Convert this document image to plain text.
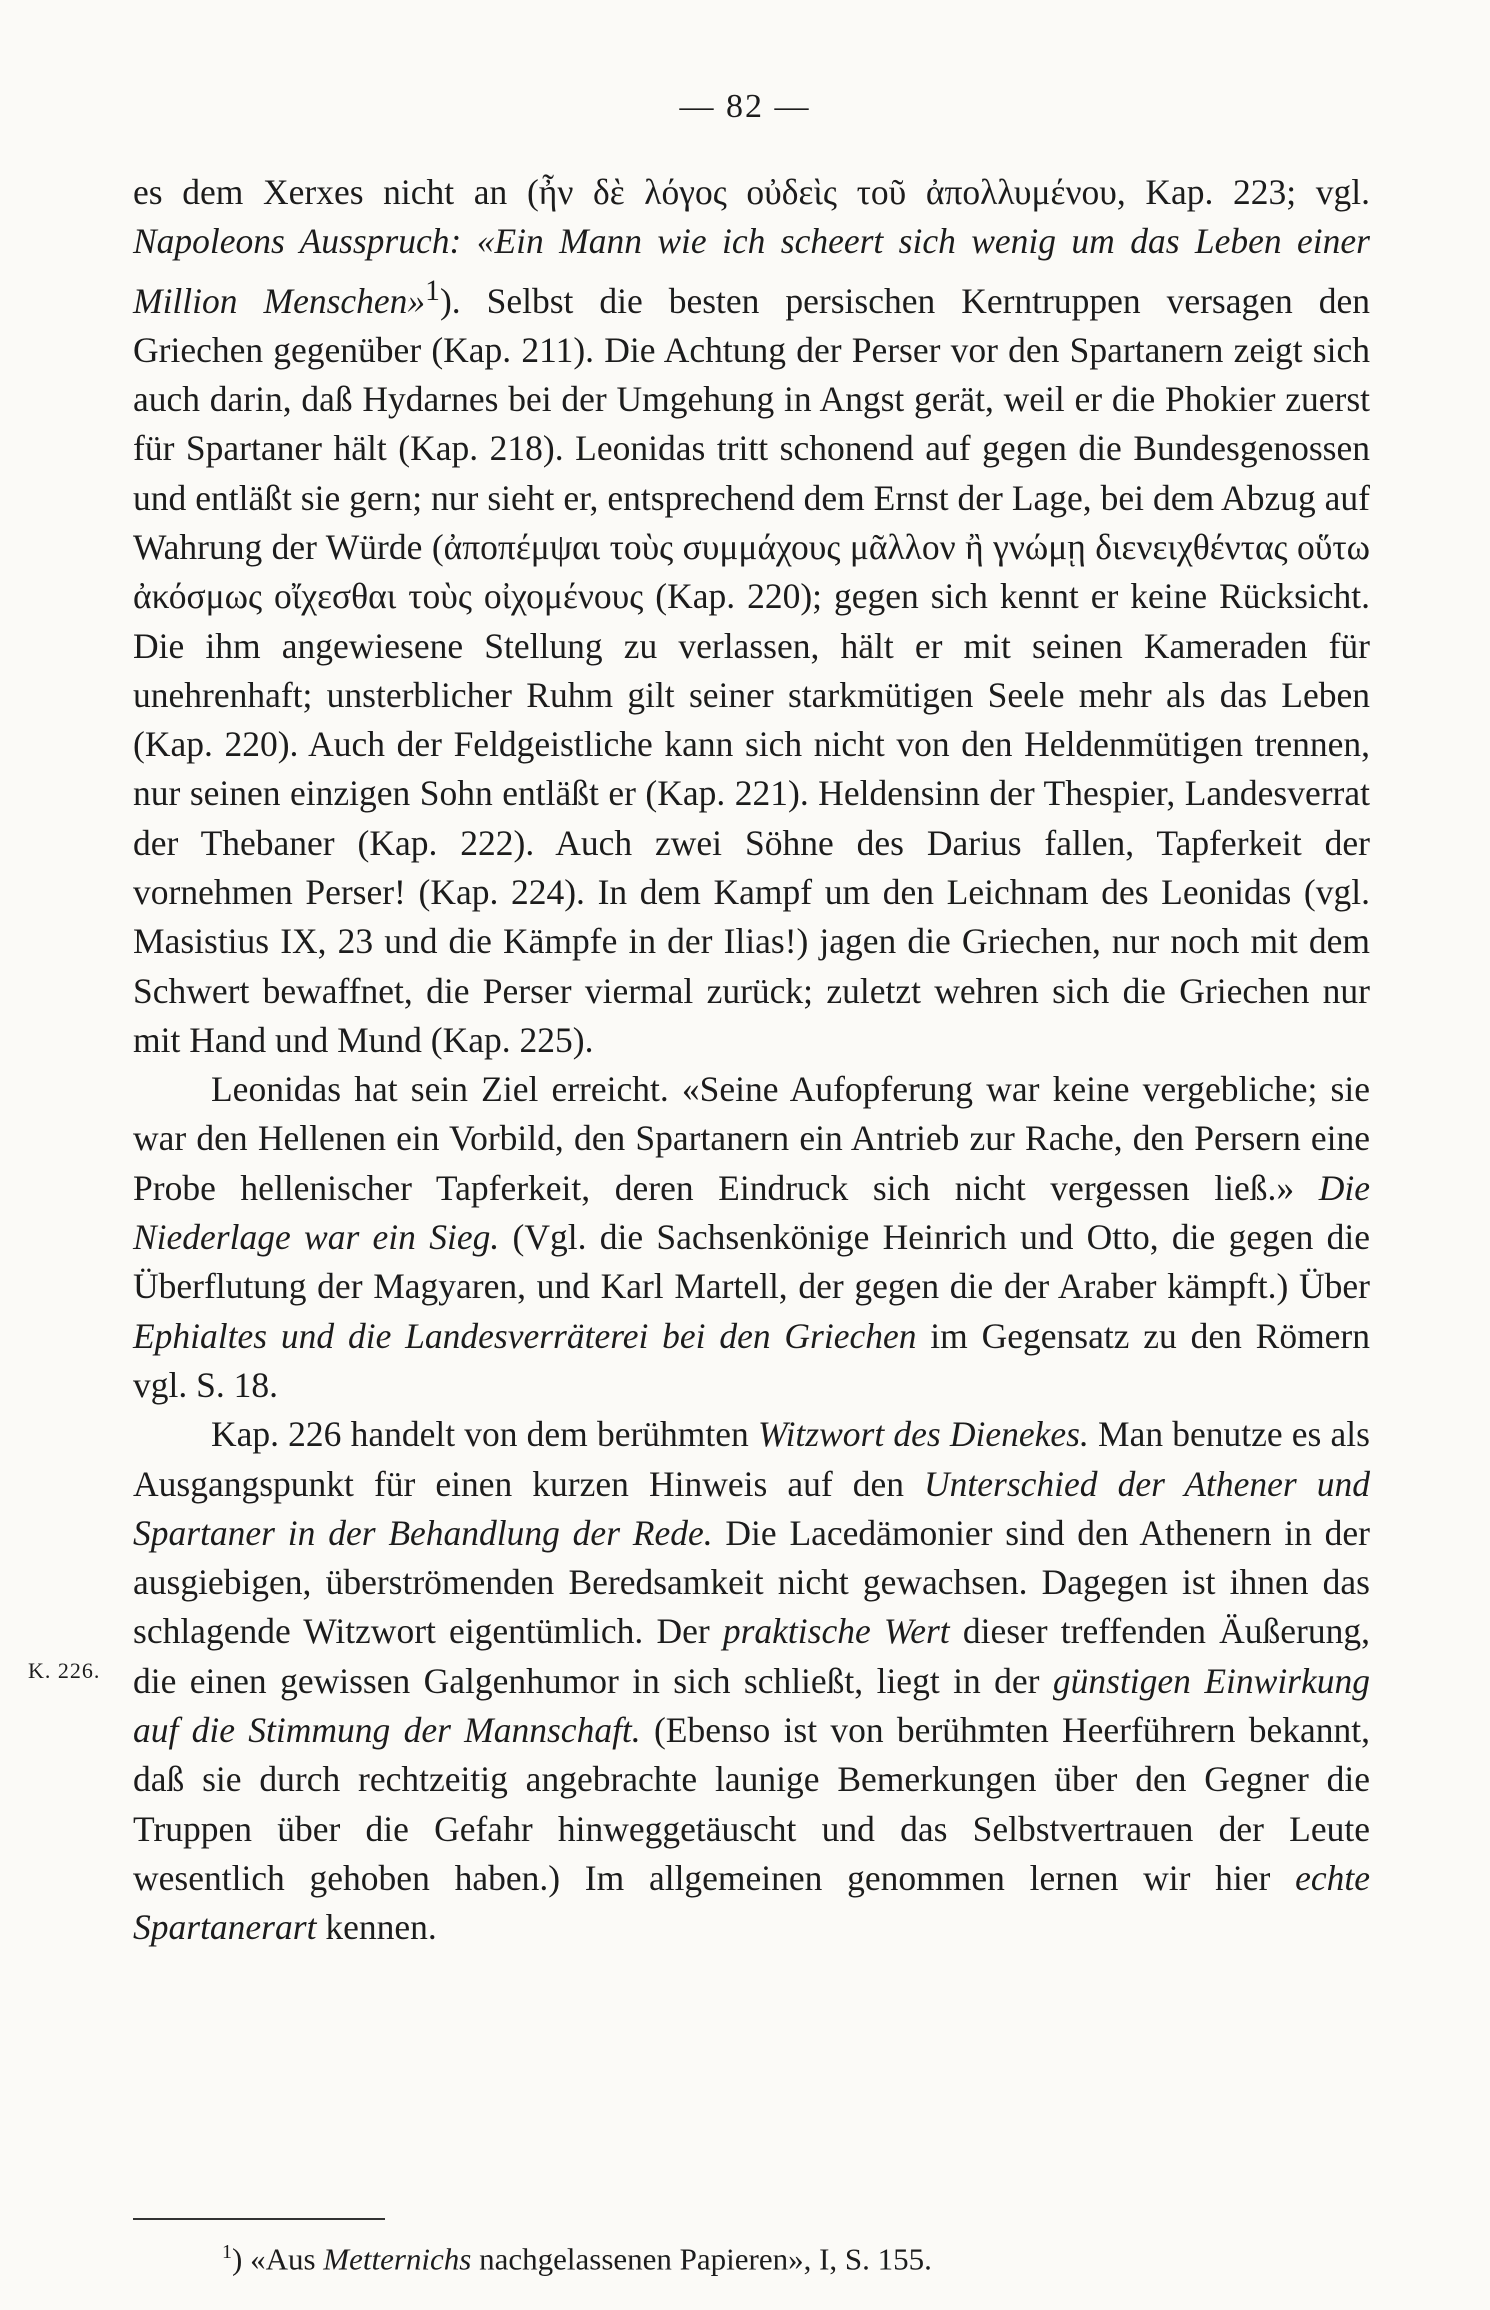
— 82 —

es dem Xerxes nicht an (ἦν δὲ λόγος οὐδεὶς τοῦ ἀπολλυμένου, Kap. 223; vgl. Napoleons Ausspruch: «Ein Mann wie ich scheert sich wenig um das Leben einer Million Menschen»$^1$). Selbst die besten persischen Kerntruppen versagen den Griechen gegenüber (Kap. 211). Die Achtung der Perser vor den Spartanern zeigt sich auch darin, daß Hydarnes bei der Umgehung in Angst gerät, weil er die Phokier zuerst für Spartaner hält (Kap. 218). Leonidas tritt schonend auf gegen die Bundesgenossen und entläßt sie gern; nur sieht er, entsprechend dem Ernst der Lage, bei dem Abzug auf Wahrung der Würde (ἀποπέμψαι τοὺς συμμάχους μᾶλλον ἢ γνώμῃ διενειχθέντας οὕτω ἀκόσμως οἴχεσθαι τοὺς οἰχομένους (Kap. 220); gegen sich kennt er keine Rücksicht. Die ihm angewiesene Stellung zu verlassen, hält er mit seinen Kameraden für unehrenhaft; unsterblicher Ruhm gilt seiner starkmütigen Seele mehr als das Leben (Kap. 220). Auch der Feldgeistliche kann sich nicht von den Heldenmütigen trennen, nur seinen einzigen Sohn entläßt er (Kap. 221). Heldensinn der Thespier, Landesverrat der Thebaner (Kap. 222). Auch zwei Söhne des Darius fallen, Tapferkeit der vornehmen Perser! (Kap. 224). In dem Kampf um den Leichnam des Leonidas (vgl. Masistius IX, 23 und die Kämpfe in der Ilias!) jagen die Griechen, nur noch mit dem Schwert bewaffnet, die Perser viermal zurück; zuletzt wehren sich die Griechen nur mit Hand und Mund (Kap. 225).

Leonidas hat sein Ziel erreicht. «Seine Aufopferung war keine vergebliche; sie war den Hellenen ein Vorbild, den Spartanern ein Antrieb zur Rache, den Persern eine Probe hellenischer Tapferkeit, deren Eindruck sich nicht vergessen ließ.» Die Niederlage war ein Sieg. (Vgl. die Sachsenkönige Heinrich und Otto, die gegen die Überflutung der Magyaren, und Karl Martell, der gegen die der Araber kämpft.) Über Ephialtes und die Landesverräterei bei den Griechen im Gegensatz zu den Römern vgl. S. 18.

Kap. 226 handelt von dem berühmten Witzwort des Dienekes. Man benutze es als Ausgangspunkt für einen kurzen Hinweis auf den Unterschied der Athener und Spartaner in der Behandlung der Rede. Die Lacedämonier sind den Athenern in der ausgiebigen, überströmenden Beredsamkeit nicht gewachsen. Dagegen ist ihnen das schlagende Witzwort eigentümlich. Der praktische Wert dieser treffenden Äußerung, die einen gewissen Galgenhumor in sich schließt, liegt in der günstigen Einwirkung auf die Stimmung der Mannschaft. (Ebenso ist von berühmten Heerführern bekannt, daß sie durch rechtzeitig angebrachte launige Bemerkungen über den Gegner die Truppen über die Gefahr hinweggetäuscht und das Selbstvertrauen der Leute wesentlich gehoben haben.) Im allgemeinen genommen lernen wir hier echte Spartanerart kennen.

K. 226.
$^1$) «Aus Metternichs nachgelassenen Papieren», I, S. 155.
